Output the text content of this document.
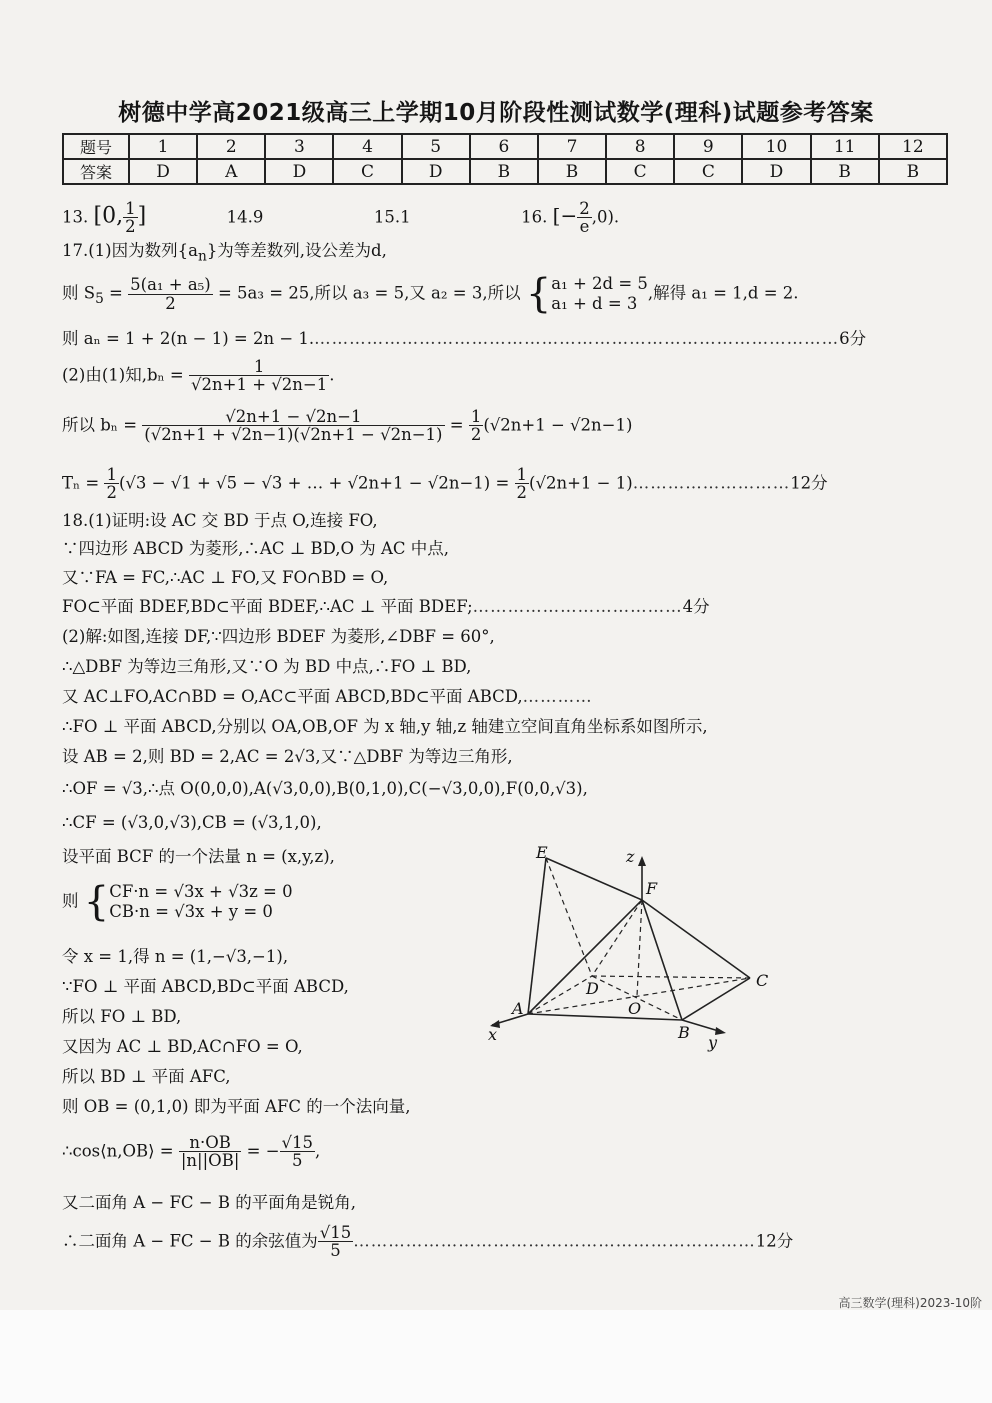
树德中学高2021级高三上学期10月阶段性测试数学(理科)试题参考答案
题号	1	2	3	4	5	6	7	8	9	10	11	12
答案	D	A	D	C	D	B	B	C	C	D	B	B
13. [0, $\frac{1}{2}$ ]	14.9	15.1	16. [− $\frac{2}{e} ,0$).
17.(1)因为数列$\{a_n\}$为等差数列,设公差为d,
则 $S_5 = \frac{\text{5(a₁ + a₅)}}{2} = 5a_3 = 25$,所以 a₃ = 5,又 a₂ = 3,所以 { a₁ + 2d = 5
a₁ + d = 3
,解得 a₁ = 1,d = 2.
则 aₙ = 1 + 2(n − 1) = 2n − 1.………………………………………………………………………………6分
(2)由(1)知$,b_n = \frac{1}{√2n+1 + √2n-1}$ .
所以 $b_n = \frac{√2n+1 - √2n-1}{(√2n+1 + √2n-1)(√2n+1 - √2n-1)} = \frac{1}{2} (√2n+1 - √2n-1)$
$T_n = \frac{1}{2} (√3 - √1 + √5 - √3$ + … + $√2n+1 - √2n-1) = \frac{1}{2} (√2n+1$ − 1)………………………12分
18.(1)证明:设 AC 交 BD 于点 O,连接 FO,
∵四边形 ABCD 为菱形,∴AC ⊥ BD,O 为 AC 中点,
又∵FA = FC,∴AC ⊥ FO,又 FO∩BD = O,
FO⊂平面 BDEF,BD⊂平面 BDEF,∴AC ⊥ 平面 BDEF;………………………………4分
(2)解:如图,连接 DF,∵四边形 BDEF 为菱形,∠DBF = 60°,
∴△DBF 为等边三角形,又∵O 为 BD 中点,∴FO ⊥ BD,
又 AC⊥FO,AC∩BD = O,AC⊂平面 ABCD,BD⊂平面 ABCD,…………
∴FO ⊥ 平面 ABCD,分别以 OA,OB,OF 为 x 轴,y 轴,z 轴建立空间直角坐标系如图所示,
设 AB = 2,则 BD = 2,AC = 2√3,又∵△DBF 为等边三角形,
∴OF = √3,∴点 O(0,0,0),A(√3,0,0),B(0,1,0),C(−√3,0,0),F(0,0,√3),
∴CF = (√3,0,√3),CB = (√3,1,0),
设平面 BCF 的一个法量 n = (x,y,z),
则 { CF·n = √3x + √3z = 0
CB·n = √3x + y = 0
令 x = 1,得 n = (1,−√3,−1),
∵FO ⊥ 平面 ABCD,BD⊂平面 ABCD,
所以 FO ⊥ BD,
又因为 AC ⊥ BD,AC∩FO = O,
所以 BD ⊥ 平面 AFC,
则 OB = (0,1,0) 即为平面 AFC 的一个法向量,
∴cos⟨n,OB⟩ = $\frac{n\cdot OB}{|n||OB|}$ = − $\frac{√15}{5}$ ,
又二面角 A − FC − B 的平面角是锐角,
∴二面角 A − FC − B 的余弦值为 $\frac{√15}{5}$ ……………………………………………………………12分
E
F
z
C
D
O
A
B
x	y
高三数学(理科)2023-10阶
